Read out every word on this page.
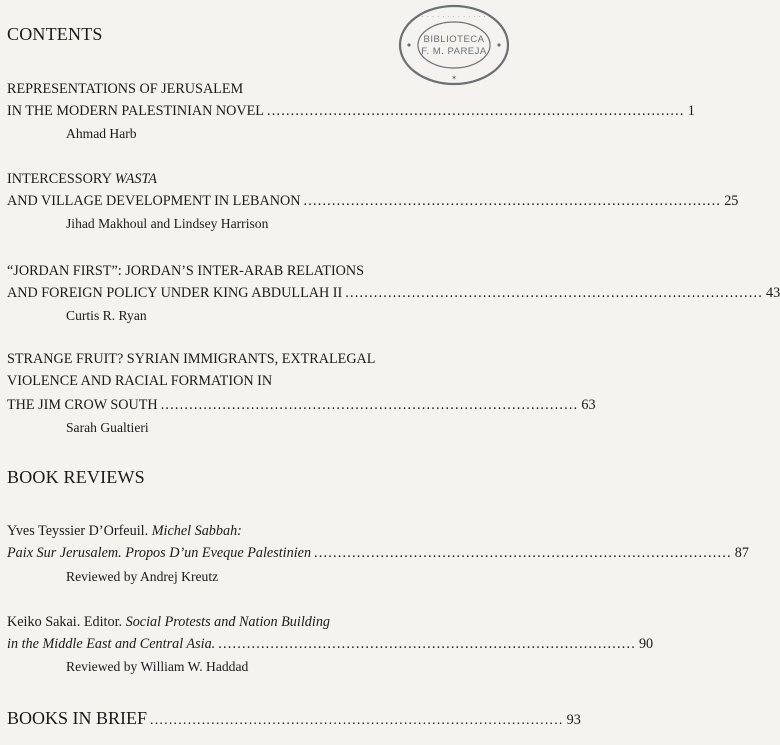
· · · · · · · · · · · · · · ·
✶
BIBLIOTECA
F. M. PAREJA
CONTENTS
REPRESENTATIONS OF JERUSALEM
IN THE MODERN PALESTINIAN NOVEL ........................................................................................ 1
Ahmad Harb
INTERCESSORY WASTA
AND VILLAGE DEVELOPMENT IN LEBANON ........................................................................................ 25
Jihad Makhoul and Lindsey Harrison
“JORDAN FIRST”: JORDAN’S INTER-ARAB RELATIONS
AND FOREIGN POLICY UNDER KING ABDULLAH II ........................................................................................ 43
Curtis R. Ryan
STRANGE FRUIT? SYRIAN IMMIGRANTS, EXTRALEGAL
VIOLENCE AND RACIAL FORMATION IN
THE JIM CROW SOUTH ........................................................................................ 63
Sarah Gualtieri
BOOK REVIEWS
Yves Teyssier D’Orfeuil. Michel Sabbah:
Paix Sur Jerusalem. Propos D’un Eveque Palestinien ........................................................................................ 87
Reviewed by Andrej Kreutz
Keiko Sakai. Editor. Social Protests and Nation Building
in the Middle East and Central Asia. ........................................................................................ 90
Reviewed by William W. Haddad
BOOKS IN BRIEF ........................................................................................ 93
